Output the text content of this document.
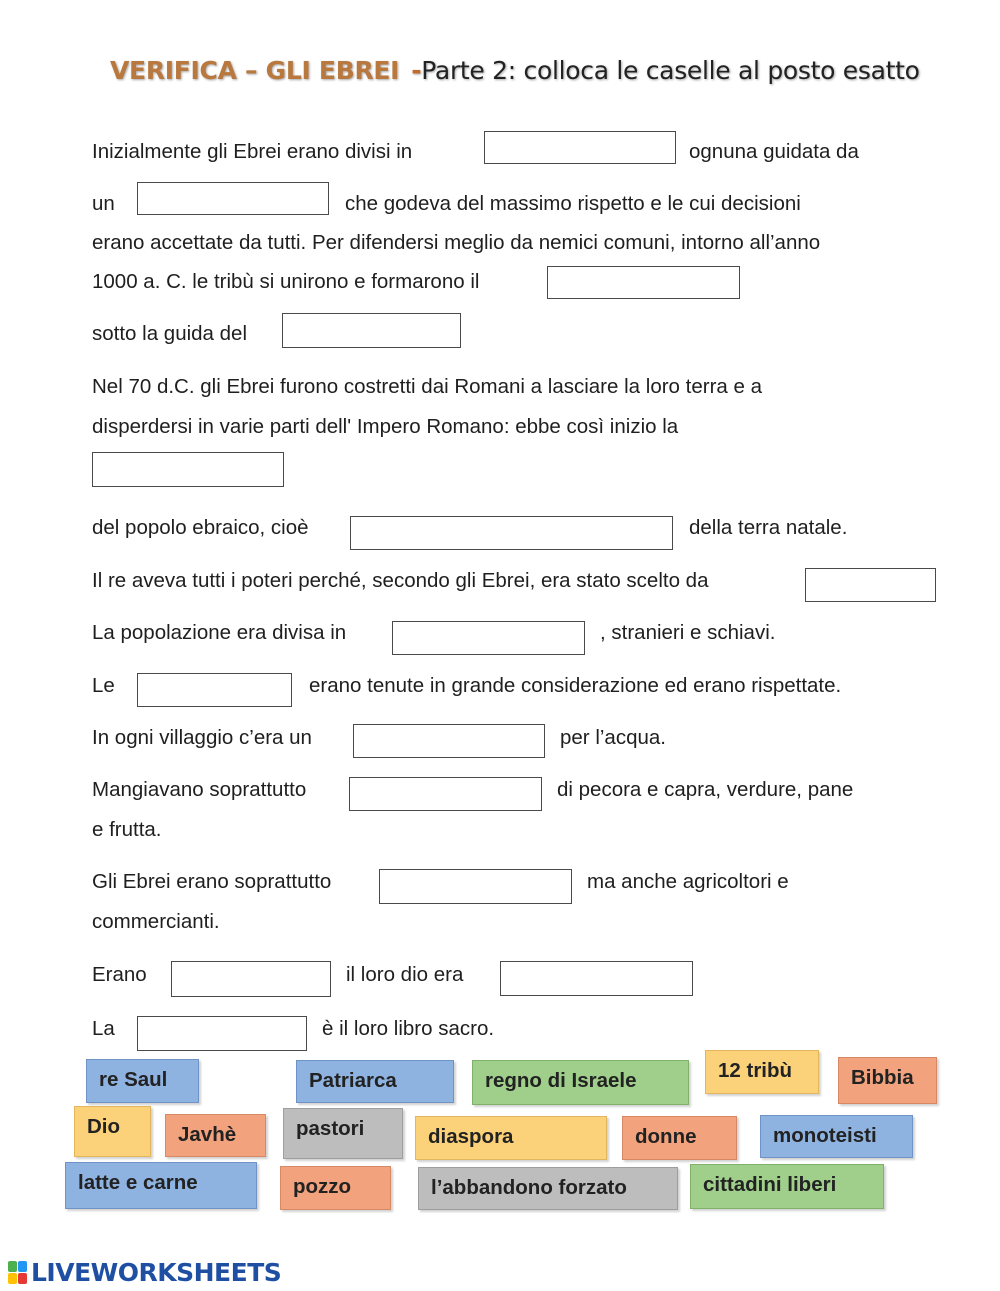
VERIFICA – GLI EBREI -Parte 2: colloca le caselle al posto esatto
Inizialmente gli Ebrei erano divisi in	ognuna guidata da
un	che godeva del massimo rispetto e le cui decisioni
erano accettate da tutti. Per difendersi meglio da nemici comuni, intorno all’anno
1000 a. C. le tribù si unirono e formarono il
sotto la guida del
Nel 70 d.C. gli Ebrei furono costretti dai Romani a lasciare la loro terra e a
disperdersi in varie parti dell' Impero Romano: ebbe così inizio la
del popolo ebraico, cioè	della terra natale.
Il re aveva tutti i poteri perché, secondo gli Ebrei, era stato scelto da
La popolazione era divisa in	, stranieri e schiavi.
Le	erano tenute in grande considerazione ed erano rispettate.
In ogni villaggio c’era un	per l’acqua.
Mangiavano soprattutto	di pecora e capra, verdure, pane
e frutta.
Gli Ebrei erano soprattutto	ma anche agricoltori e
commercianti.
Erano	il loro dio era
La	è il loro libro sacro.
re Saul	Patriarca	regno di Israele	12 tribù	Bibbia
Dio	Javhè	pastori	diaspora	donne	monoteisti
latte e carne	pozzo	l’abbandono forzato	cittadini liberi
LIVEWORKSHEETS
